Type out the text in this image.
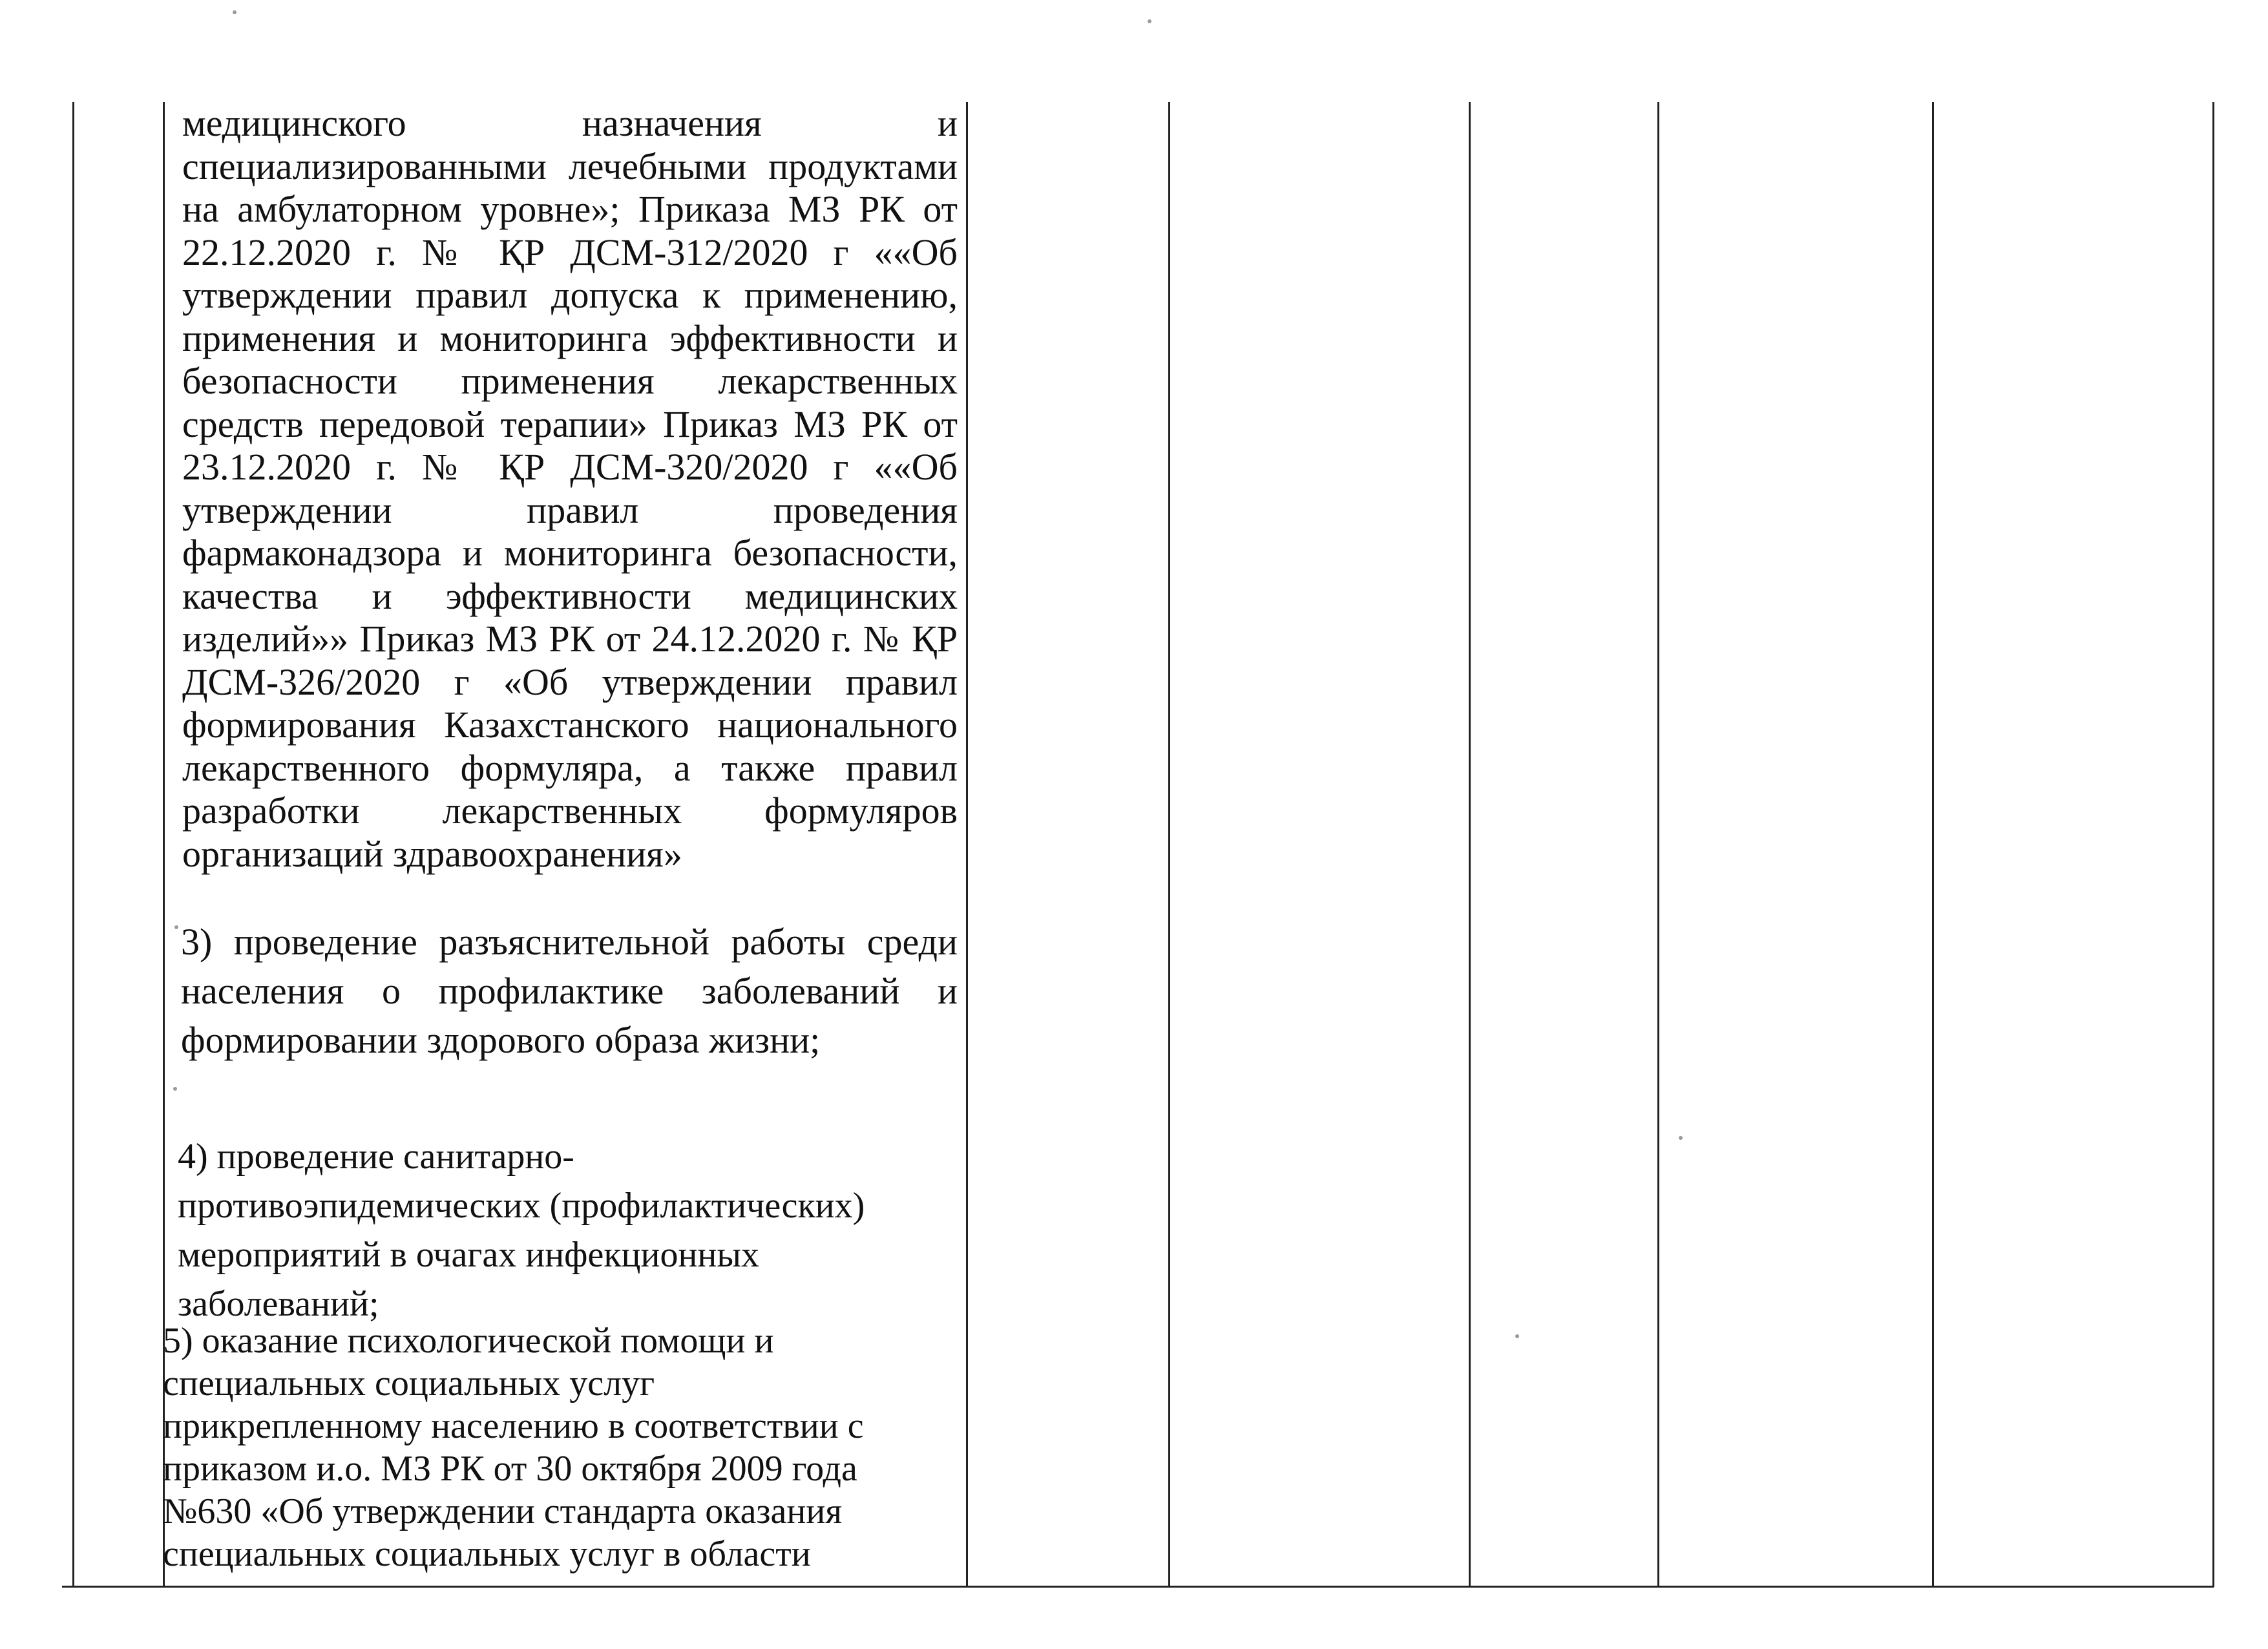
медицинского назначения и специализированными лечебными продуктами на амбулаторном уровне»; Приказа МЗ РК от 22.12.2020 г. № ҚР ДСМ-312/2020 г ««Об утверждении правил допуска к применению, применения и мониторинга эффективности и безопасности применения лекарственных средств передовой терапии» Приказ МЗ РК от 23.12.2020 г. № ҚР ДСМ-320/2020 г ««Об утверждении правил проведения фармаконадзора и мониторинга безопасности, качества и эффективности медицинских изделий»» Приказ МЗ РК от 24.12.2020 г. № ҚР ДСМ-326/2020 г «Об утверждении правил формирования Казахстанского национального лекарственного формуляра, а также правил разработки лекарственных формуляров организаций здравоохранения»
3) проведение разъяснительной работы среди населения о профилактике заболеваний и формировании здорового образа жизни;

4) проведение санитарно-

противоэпидемических (профилактических)

мероприятий в очагах инфекционных

заболеваний;

5) оказание психологической помощи и

специальных социальных услуг

прикрепленному населению в соответствии с

приказом и.о. МЗ РК от 30 октября 2009 года

№630 «Об утверждении стандарта оказания

специальных социальных услуг в области
